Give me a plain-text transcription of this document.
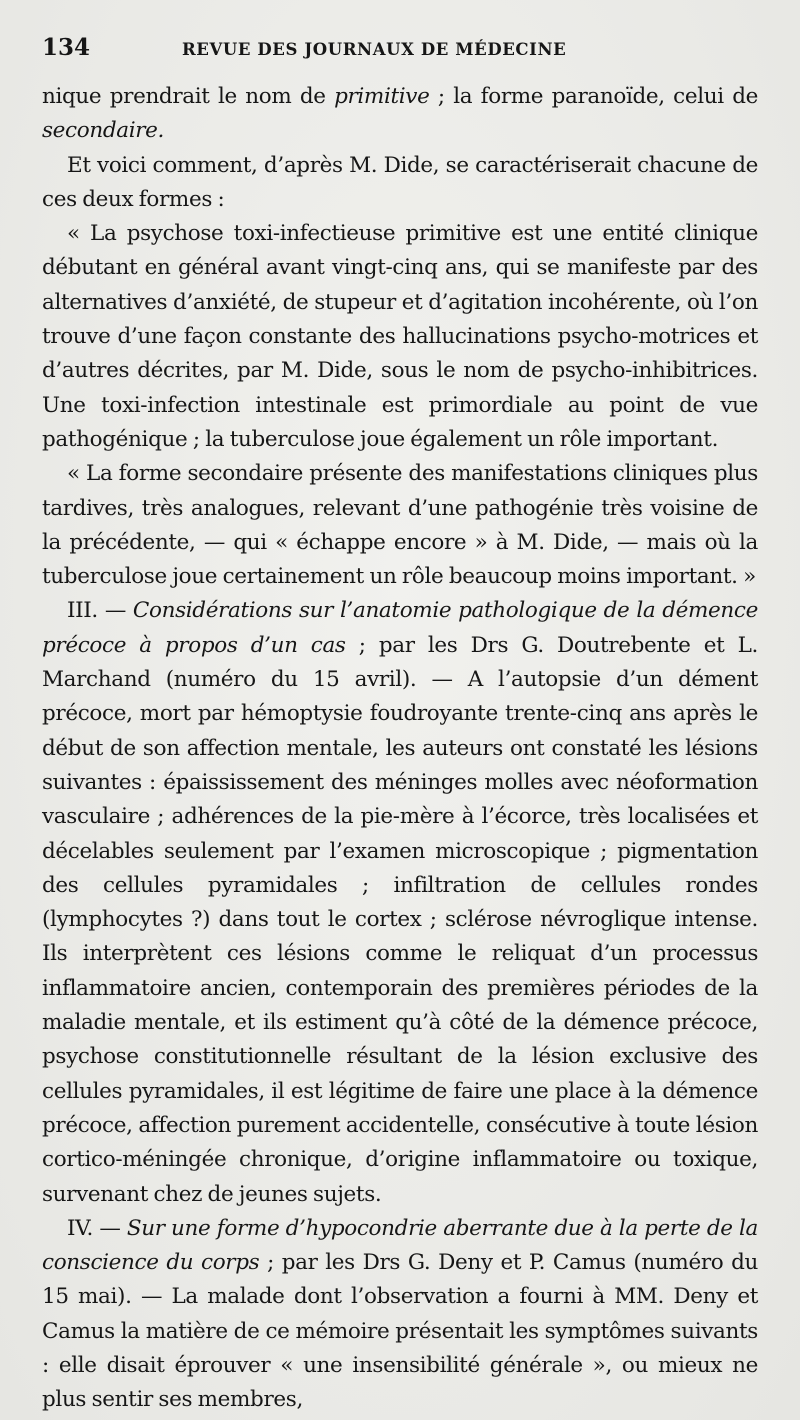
134	REVUE DES JOURNAUX DE MÉDECINE

nique prendrait le nom de primitive ; la forme paranoïde, celui de secondaire.

Et voici comment, d’après M. Dide, se caractériserait chacune de ces deux formes :

« La psychose toxi-infectieuse primitive est une entité clinique débutant en général avant vingt-cinq ans, qui se manifeste par des alternatives d’anxiété, de stupeur et d’agitation incohérente, où l’on trouve d’une façon constante des hallucinations psycho-motrices et d’autres décrites, par M. Dide, sous le nom de psycho-inhibitrices. Une toxi-infection intestinale est primordiale au point de vue pathogénique ; la tuberculose joue également un rôle important.

« La forme secondaire présente des manifestations cliniques plus tardives, très analogues, relevant d’une pathogénie très voisine de la précédente, — qui « échappe encore » à M. Dide, — mais où la tuberculose joue certainement un rôle beaucoup moins important. »

III. — Considérations sur l’anatomie pathologique de la démence précoce à propos d’un cas ; par les Drs G. Doutrebente et L. Marchand (numéro du 15 avril). — A l’autopsie d’un dément précoce, mort par hémoptysie foudroyante trente-cinq ans après le début de son affection mentale, les auteurs ont constaté les lésions suivantes : épaississement des méninges molles avec néoformation vasculaire ; adhérences de la pie-mère à l’écorce, très localisées et décelables seulement par l’examen microscopique ; pigmentation des cellules pyramidales ; infiltration de cellules rondes (lymphocytes ?) dans tout le cortex ; sclérose névroglique intense. Ils interprètent ces lésions comme le reliquat d’un processus inflammatoire ancien, contemporain des premières périodes de la maladie mentale, et ils estiment qu’à côté de la démence précoce, psychose constitutionnelle résultant de la lésion exclusive des cellules pyramidales, il est légitime de faire une place à la démence précoce, affection purement accidentelle, consécutive à toute lésion cortico-méningée chronique, d’origine inflammatoire ou toxique, survenant chez de jeunes sujets.

IV. — Sur une forme d’hypocondrie aberrante due à la perte de la conscience du corps ; par les Drs G. Deny et P. Camus (numéro du 15 mai). — La malade dont l’observation a fourni à MM. Deny et Camus la matière de ce mémoire présentait les symptômes suivants : elle disait éprouver « une insensibilité générale », ou mieux ne plus sentir ses membres,
